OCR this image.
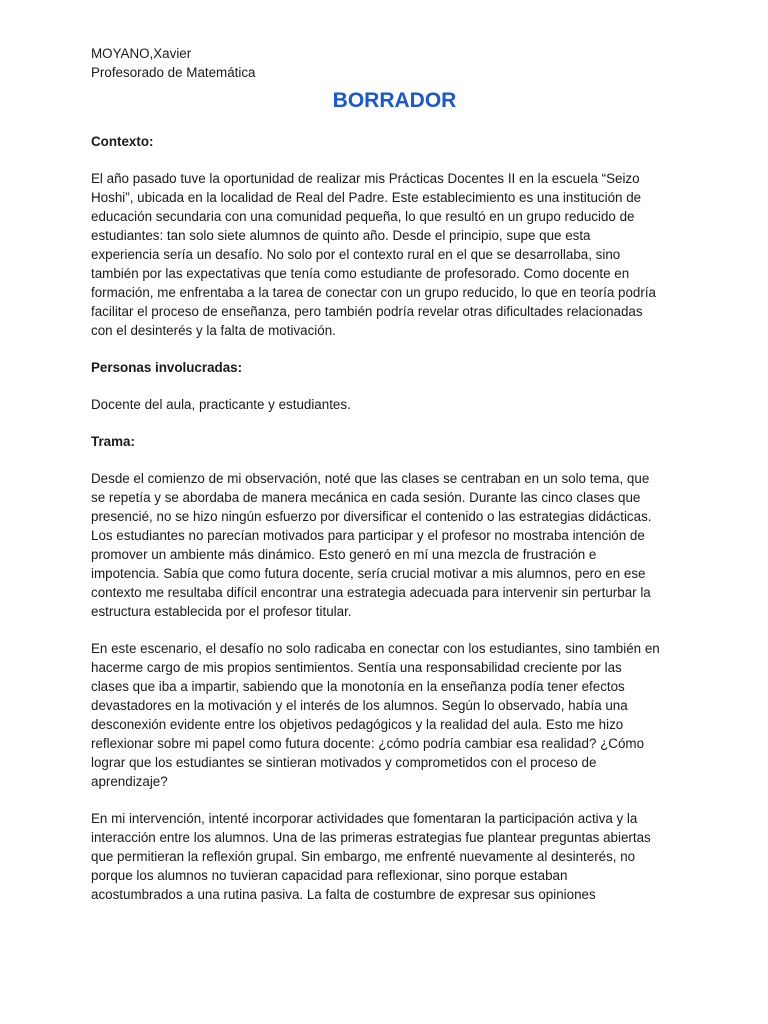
MOYANO,Xavier

Profesorado de Matemática

BORRADOR
Contexto:
El año pasado tuve la oportunidad de realizar mis Prácticas Docentes II en la escuela “Seizo
Hoshi”, ubicada en la localidad de Real del Padre. Este establecimiento es una institución de
educación secundaria con una comunidad pequeña, lo que resultó en un grupo reducido de
estudiantes: tan solo siete alumnos de quinto año. Desde el principio, supe que esta
experiencia sería un desafío. No solo por el contexto rural en el que se desarrollaba, sino
también por las expectativas que tenía como estudiante de profesorado. Como docente en
formación, me enfrentaba a la tarea de conectar con un grupo reducido, lo que en teoría podría
facilitar el proceso de enseñanza, pero también podría revelar otras dificultades relacionadas
con el desinterés y la falta de motivación.
Personas involucradas:
Docente del aula, practicante y estudiantes.
Trama:
Desde el comienzo de mi observación, noté que las clases se centraban en un solo tema, que
se repetía y se abordaba de manera mecánica en cada sesión. Durante las cinco clases que
presencié, no se hizo ningún esfuerzo por diversificar el contenido o las estrategias didácticas.
Los estudiantes no parecían motivados para participar y el profesor no mostraba intención de
promover un ambiente más dinámico. Esto generó en mí una mezcla de frustración e
impotencia. Sabía que como futura docente, sería crucial motivar a mis alumnos, pero en ese
contexto me resultaba difícil encontrar una estrategia adecuada para intervenir sin perturbar la
estructura establecida por el profesor titular.
En este escenario, el desafío no solo radicaba en conectar con los estudiantes, sino también en
hacerme cargo de mis propios sentimientos. Sentía una responsabilidad creciente por las
clases que iba a impartir, sabiendo que la monotonía en la enseñanza podía tener efectos
devastadores en la motivación y el interés de los alumnos. Según lo observado, había una
desconexión evidente entre los objetivos pedagógicos y la realidad del aula. Esto me hizo
reflexionar sobre mi papel como futura docente: ¿cómo podría cambiar esa realidad? ¿Cómo
lograr que los estudiantes se sintieran motivados y comprometidos con el proceso de
aprendizaje?
En mi intervención, intenté incorporar actividades que fomentaran la participación activa y la
interacción entre los alumnos. Una de las primeras estrategias fue plantear preguntas abiertas
que permitieran la reflexión grupal. Sin embargo, me enfrenté nuevamente al desinterés, no
porque los alumnos no tuvieran capacidad para reflexionar, sino porque estaban
acostumbrados a una rutina pasiva. La falta de costumbre de expresar sus opiniones
